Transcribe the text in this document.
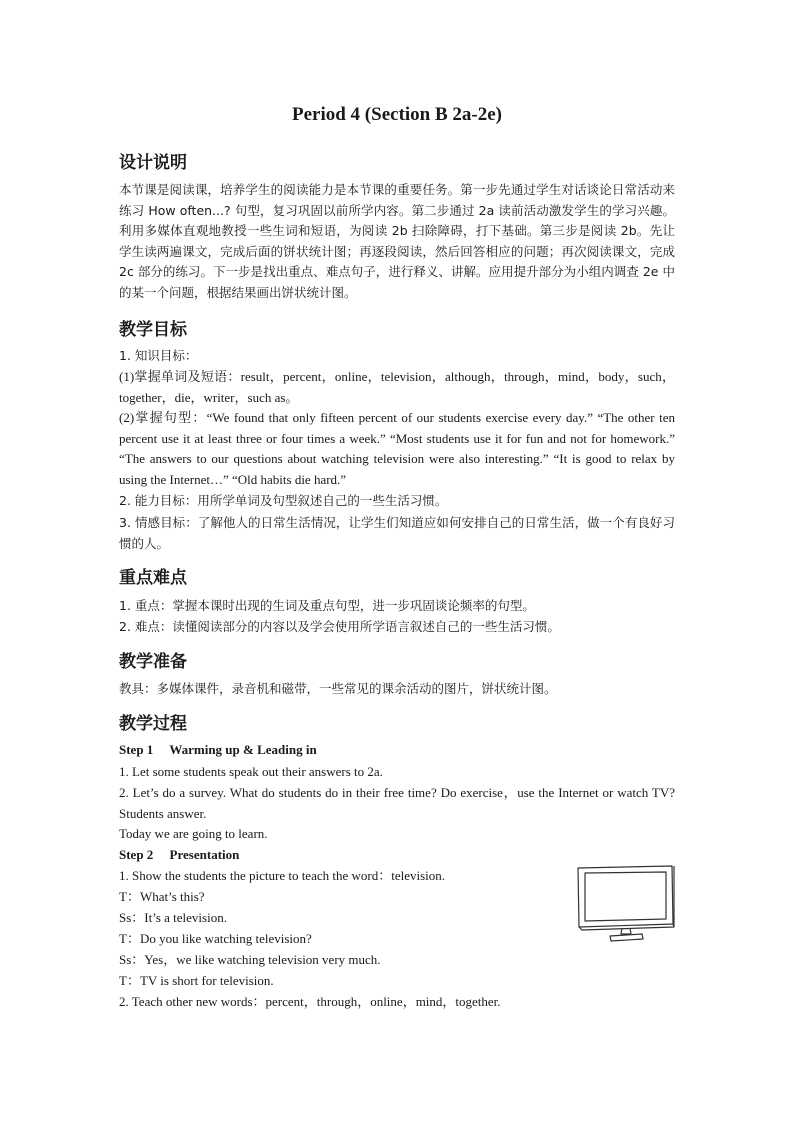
Period 4 (Section B 2a-2e)
设计说明
本节课是阅读课，培养学生的阅读能力是本节课的重要任务。第一步先通过学生对话谈论日常活动来练习 How often...? 句型，复习巩固以前所学内容。第二步通过 2a 读前活动激发学生的学习兴趣。利用多媒体直观地教授一些生词和短语，为阅读 2b 扫除障碍，打下基础。第三步是阅读 2b。先让学生读两遍课文，完成后面的饼状统计图；再逐段阅读，然后回答相应的问题；再次阅读课文，完成 2c 部分的练习。下一步是找出重点、难点句子，进行释义、讲解。应用提升部分为小组内调查 2e 中的某一个问题，根据结果画出饼状统计图。
教学目标
1. 知识目标：
(1)掌握单词及短语：result，percent，online，television，although，through，mind，body，such，together，die，writer，such as。
(2)掌握句型：“We found that only fifteen percent of our students exercise every day.” “The other ten percent use it at least three or four times a week.” “Most students use it for fun and not for homework.” “The answers to our questions about watching television were also interesting.” “It is good to relax by using the Internet…” “Old habits die hard.”
2. 能力目标：用所学单词及句型叙述自己的一些生活习惯。
3. 情感目标：了解他人的日常生活情况，让学生们知道应如何安排自己的日常生活，做一个有良好习惯的人。
重点难点
1. 重点：掌握本课时出现的生词及重点句型，进一步巩固谈论频率的句型。
2. 难点：读懂阅读部分的内容以及学会使用所学语言叙述自己的一些生活习惯。
教学准备
教具：多媒体课件，录音机和磁带，一些常见的课余活动的图片，饼状统计图。
教学过程
Step 1　 Warming up & Leading in
1. Let some students speak out their answers to 2a.
2. Let’s do a survey. What do students do in their free time? Do exercise，use the Internet or watch TV? Students answer.
Today we are going to learn.
Step 2　 Presentation
1. Show the students the picture to teach the word：television.
T：What’s this?
Ss：It’s a television.
T：Do you like watching television?
Ss：Yes，we like watching television very much.
T：TV is short for television.
2. Teach other new words：percent，through，online，mind，together.
